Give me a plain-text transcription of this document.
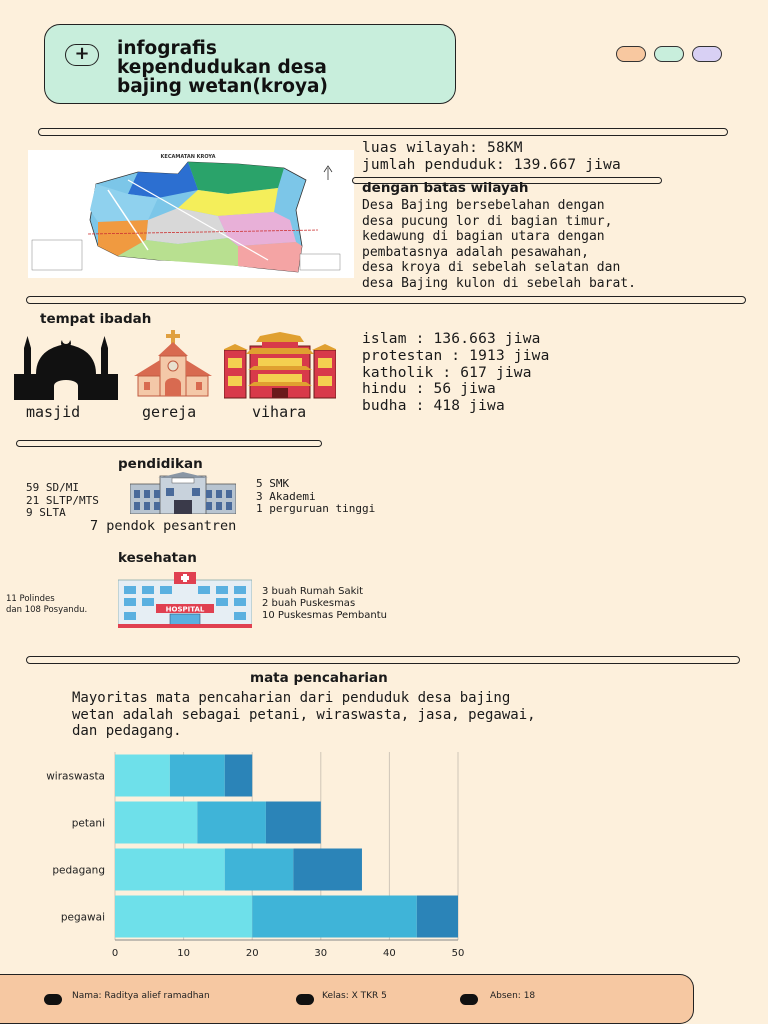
+	infografis
kependudukan desa
bajing wetan(kroya)
KECAMATAN KROYA
luas wilayah: 58KM
jumlah penduduk: 139.667 jiwa
dengan batas wilayah
Desa Bajing bersebelahan dengan
desa pucung lor di bagian timur,
kedawung di bagian utara dengan
pembatasnya adalah pesawahan,
desa kroya di sebelah selatan dan
desa Bajing kulon di sebelah barat.
tempat ibadah
masjid	gereja	vihara
islam : 136.663 jiwa
protestan : 1913 jiwa
katholik : 617 jiwa
hindu : 56 jiwa
budha : 418 jiwa
pendidikan
59 SD/MI
21 SLTP/MTS
9 SLTA
5 SMK
3 Akademi
1 perguruan tinggi
7 pendok pesantren
kesehatan
11 Polindes
dan 108 Posyandu.	HOSPITAL
3 buah Rumah Sakit
2 buah Puskesmas
10 Puskesmas Pembantu
mata pencaharian
Mayoritas mata pencaharian dari penduduk desa bajing
wetan adalah sebagai petani, wiraswasta, jasa, pegawai,
dan pedagang.
wiraswasta
petani
pedagang
pegawai
0	10	20	30	40	50
Nama: Raditya alief ramadhan	Kelas: X TKR 5	Absen: 18
